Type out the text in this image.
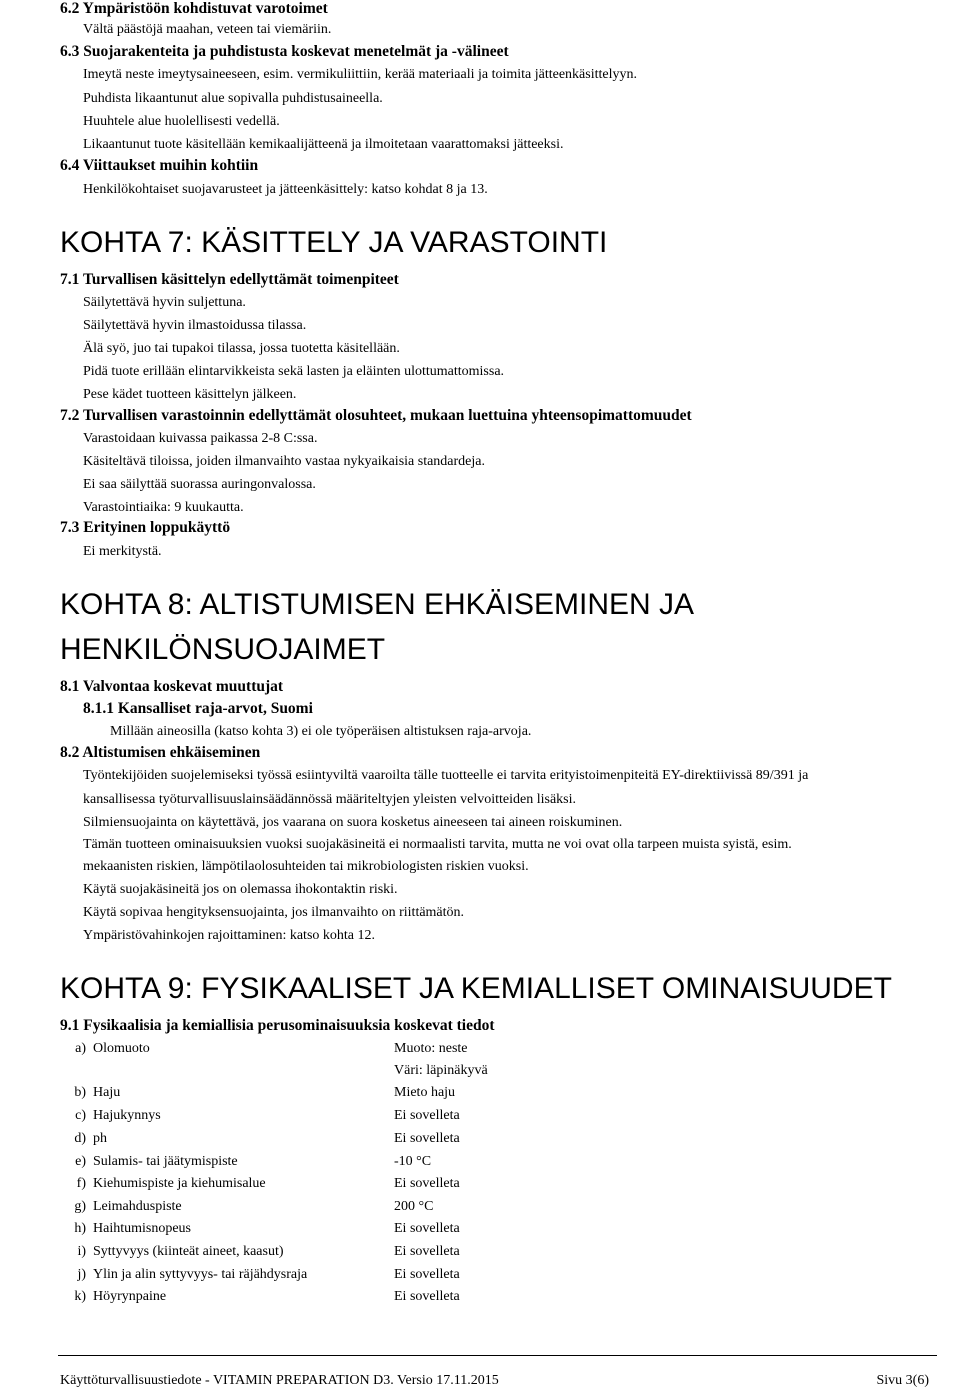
6.2 Ympäristöön kohdistuvat varotoimet
Vältä päästöjä maahan, veteen tai viemäriin.
6.3 Suojarakenteita ja puhdistusta koskevat menetelmät ja -välineet
Imeytä neste imeytysaineeseen, esim. vermikuliittiin, kerää materiaali ja toimita jätteenkäsittelyyn.
Puhdista likaantunut alue sopivalla puhdistusaineella.
Huuhtele alue huolellisesti vedellä.
Likaantunut tuote käsitellään kemikaalijätteenä ja ilmoitetaan vaarattomaksi jätteeksi.
6.4 Viittaukset muihin kohtiin
Henkilökohtaiset suojavarusteet ja jätteenkäsittely: katso kohdat 8 ja 13.
KOHTA 7: KÄSITTELY JA VARASTOINTI
7.1 Turvallisen käsittelyn edellyttämät toimenpiteet
Säilytettävä hyvin suljettuna.
Säilytettävä hyvin ilmastoidussa tilassa.
Älä syö, juo tai tupakoi tilassa, jossa tuotetta käsitellään.
Pidä tuote erillään elintarvikkeista sekä lasten ja eläinten ulottumattomissa.
Pese kädet tuotteen käsittelyn jälkeen.
7.2 Turvallisen varastoinnin edellyttämät olosuhteet, mukaan luettuina yhteensopimattomuudet
Varastoidaan kuivassa paikassa 2-8 C:ssa.
Käsiteltävä tiloissa, joiden ilmanvaihto vastaa nykyaikaisia standardeja.
Ei saa säilyttää suorassa auringonvalossa.
Varastointiaika: 9 kuukautta.
7.3 Erityinen loppukäyttö
Ei merkitystä.
KOHTA 8: ALTISTUMISEN EHKÄISEMINEN JA
HENKILÖNSUOJAIMET
8.1 Valvontaa koskevat muuttujat
8.1.1 Kansalliset raja-arvot, Suomi
Millään aineosilla (katso kohta 3) ei ole työperäisen altistuksen raja-arvoja.
8.2 Altistumisen ehkäiseminen
Työntekijöiden suojelemiseksi työssä esiintyviltä vaaroilta tälle tuotteelle ei tarvita erityistoimenpiteitä EY-direktiivissä 89/391 ja
kansallisessa työturvallisuuslainsäädännössä määriteltyjen yleisten velvoitteiden lisäksi.
Silmiensuojainta on käytettävä, jos vaarana on suora kosketus aineeseen tai aineen roiskuminen.
Tämän tuotteen ominaisuuksien vuoksi suojakäsineitä ei normaalisti tarvita, mutta ne voi ovat olla tarpeen muista syistä, esim.
mekaanisten riskien, lämpötilaolosuhteiden tai mikrobiologisten riskien vuoksi.
Käytä suojakäsineitä jos on olemassa ihokontaktin riski.
Käytä sopivaa hengityksensuojainta, jos ilmanvaihto on riittämätön.
Ympäristövahinkojen rajoittaminen: katso kohta 12.
KOHTA 9: FYSIKAALISET JA KEMIALLISET OMINAISUUDET
9.1 Fysikaalisia ja kemiallisia perusominaisuuksia koskevat tiedot
a) Olomuoto	Muoto: neste
Väri: läpinäkyvä
b) Haju	Mieto haju
c) Hajukynnys	Ei sovelleta
d) ph	Ei sovelleta
e) Sulamis- tai jäätymispiste	-10 °C
f) Kiehumispiste ja kiehumisalue	Ei sovelleta
g) Leimahduspiste	200 °C
h) Haihtumisnopeus	Ei sovelleta
i) Syttyvyys (kiinteät aineet, kaasut)	Ei sovelleta
j) Ylin ja alin syttyvyys- tai räjähdysraja	Ei sovelleta
k) Höyrynpaine	Ei sovelleta
Käyttöturvallisuustiedote - VITAMIN PREPARATION D3. Versio 17.11.2015	Sivu 3(6)
